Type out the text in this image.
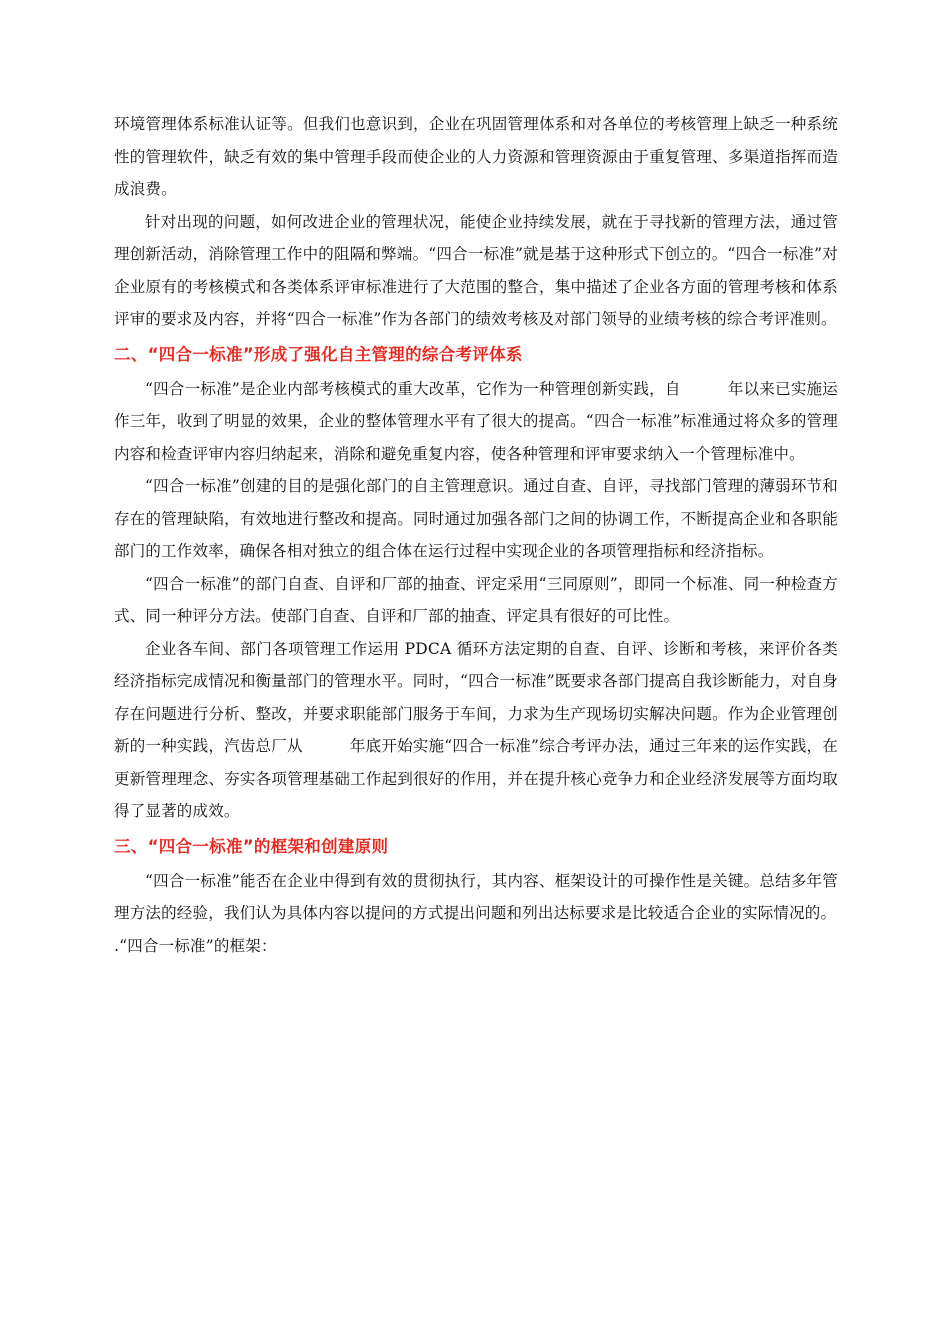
环境管理体系标准认证等。但我们也意识到，企业在巩固管理体系和对各单位的考核管理上缺乏一种系统性的管理软件，缺乏有效的集中管理手段而使企业的人力资源和管理资源由于重复管理、多渠道指挥而造成浪费。

针对出现的问题，如何改进企业的管理状况，能使企业持续发展，就在于寻找新的管理方法，通过管理创新活动，消除管理工作中的阻隔和弊端。“四合一标准”就是基于这种形式下创立的。“四合一标准”对企业原有的考核模式和各类体系评审标准进行了大范围的整合，集中描述了企业各方面的管理考核和体系评审的要求及内容，并将“四合一标准”作为各部门的绩效考核及对部门领导的业绩考核的综合考评准则。

二、“四合一标准”形成了强化自主管理的综合考评体系

“四合一标准”是企业内部考核模式的重大改革，它作为一种管理创新实践，自　　　年以来已实施运作三年，收到了明显的效果，企业的整体管理水平有了很大的提高。“四合一标准”标准通过将众多的管理内容和检查评审内容归纳起来，消除和避免重复内容，使各种管理和评审要求纳入一个管理标准中。

“四合一标准”创建的目的是强化部门的自主管理意识。通过自查、自评，寻找部门管理的薄弱环节和存在的管理缺陷，有效地进行整改和提高。同时通过加强各部门之间的协调工作，不断提高企业和各职能部门的工作效率，确保各相对独立的组合体在运行过程中实现企业的各项管理指标和经济指标。

“四合一标准”的部门自查、自评和厂部的抽查、评定采用“三同原则”，即同一个标准、同一种检查方式、同一种评分方法。使部门自查、自评和厂部的抽查、评定具有很好的可比性。

企业各车间、部门各项管理工作运用 PDCA 循环方法定期的自查、自评、诊断和考核，来评价各类经济指标完成情况和衡量部门的管理水平。同时，“四合一标准”既要求各部门提高自我诊断能力，对自身存在问题进行分析、整改，并要求职能部门服务于车间，力求为生产现场切实解决问题。作为企业管理创新的一种实践，汽齿总厂从　　　年底开始实施“四合一标准”综合考评办法，通过三年来的运作实践，在更新管理理念、夯实各项管理基础工作起到很好的作用，并在提升核心竞争力和企业经济发展等方面均取得了显著的成效。

三、“四合一标准”的框架和创建原则

“四合一标准”能否在企业中得到有效的贯彻执行，其内容、框架设计的可操作性是关键。总结多年管理方法的经验，我们认为具体内容以提问的方式提出问题和列出达标要求是比较适合企业的实际情况的。

.“四合一标准”的框架：
